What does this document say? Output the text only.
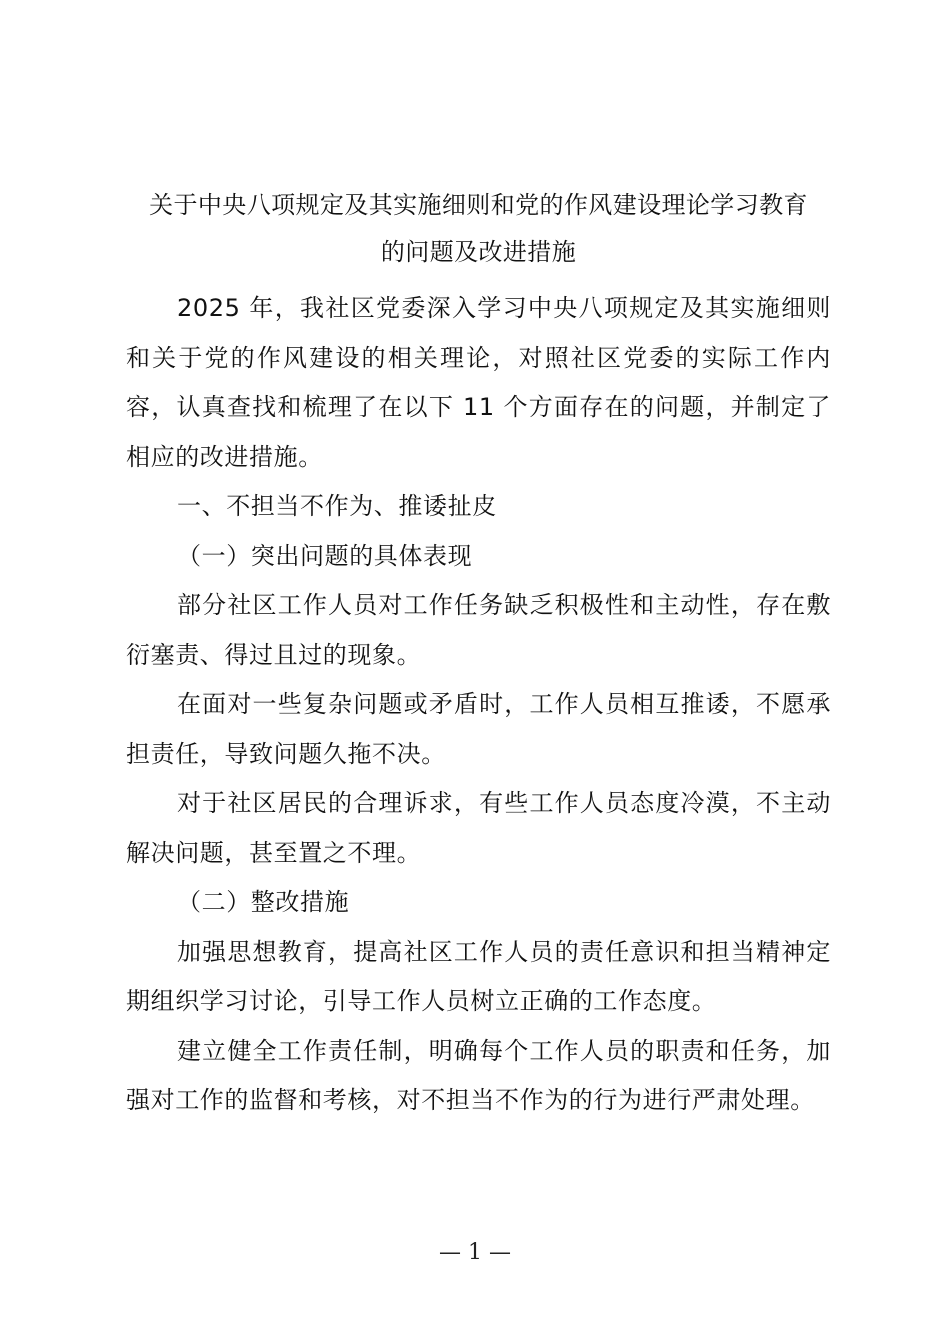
关于中央八项规定及其实施细则和党的作风建设理论学习教育
的问题及改进措施

2025 年，我社区党委深入学习中央八项规定及其实施细则和关于党的作风建设的相关理论，对照社区党委的实际工作内容，认真查找和梳理了在以下 11 个方面存在的问题，并制定了相应的改进措施。

一、不担当不作为、推诿扯皮

（一）突出问题的具体表现

部分社区工作人员对工作任务缺乏积极性和主动性，存在敷衍塞责、得过且过的现象。

在面对一些复杂问题或矛盾时，工作人员相互推诿，不愿承担责任，导致问题久拖不决。

对于社区居民的合理诉求，有些工作人员态度冷漠，不主动解决问题，甚至置之不理。

（二）整改措施

加强思想教育，提高社区工作人员的责任意识和担当精神定期组织学习讨论，引导工作人员树立正确的工作态度。

建立健全工作责任制，明确每个工作人员的职责和任务，加强对工作的监督和考核，对不担当不作为的行为进行严肃处理。

— 1 —
